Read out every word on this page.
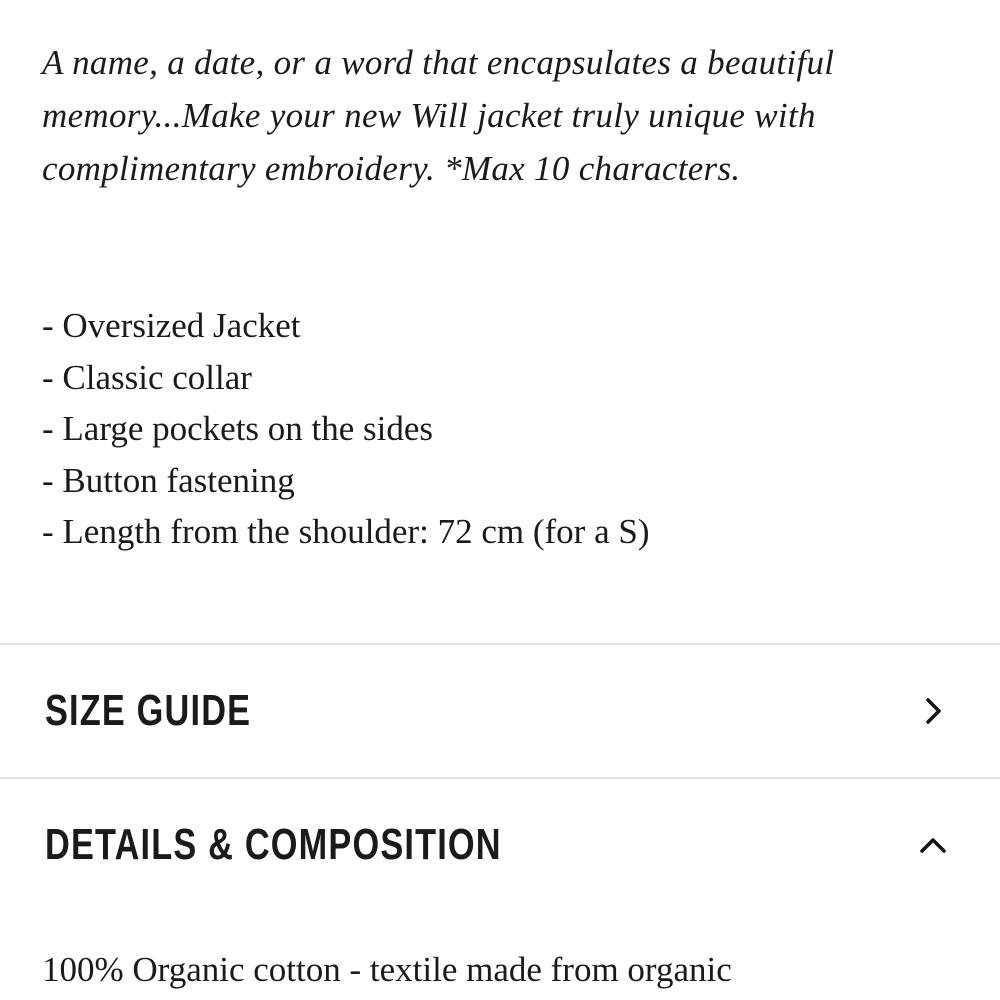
A name, a date, or a word that encapsulates a beautiful memory...Make your new Will jacket truly unique with complimentary embroidery. *Max 10 characters.

- Oversized Jacket
- Classic collar
- Large pockets on the sides
- Button fastening
- Length from the shoulder: 72 cm (for a S)
SIZE GUIDE
DETAILS & COMPOSITION

100% Organic cotton - textile made from organic
